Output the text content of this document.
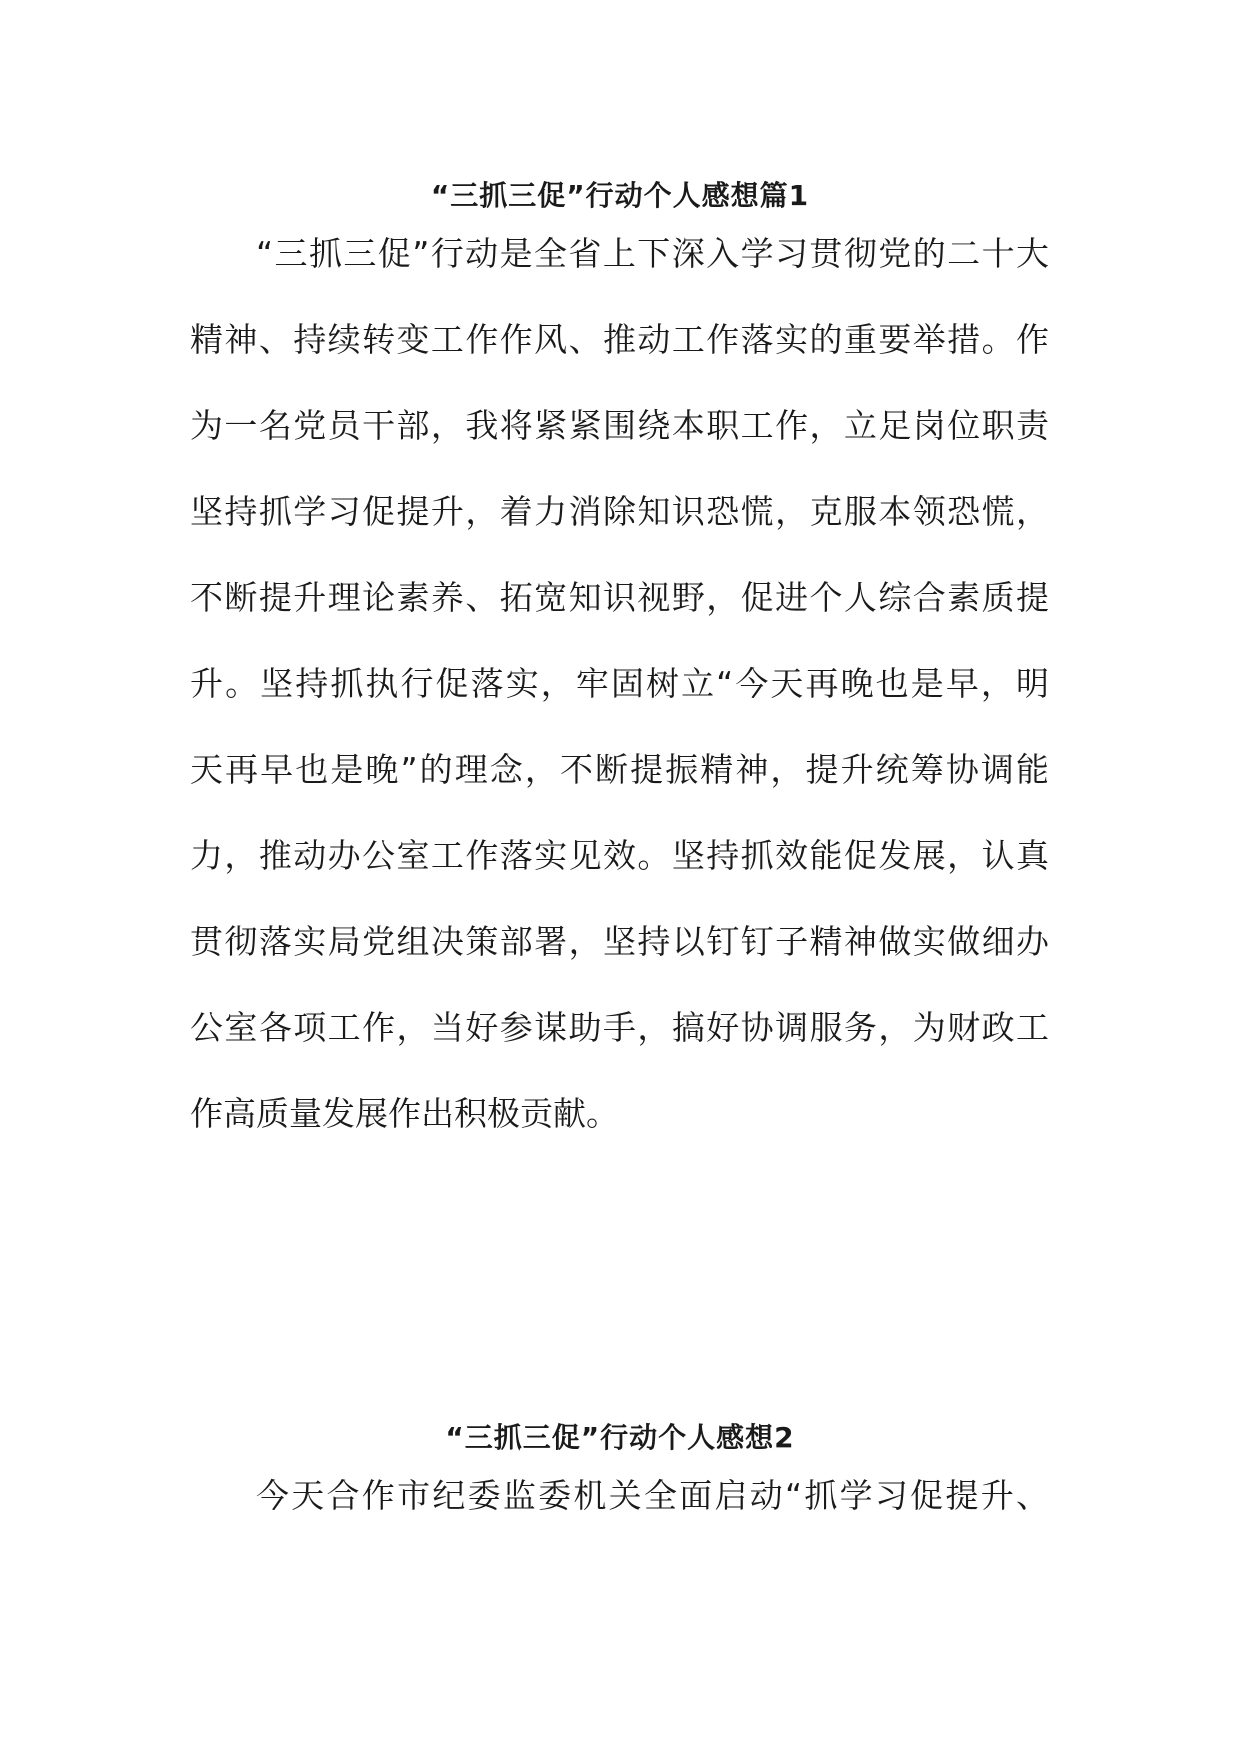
“三抓三促”行动个人感想篇1
“三抓三促”行动是全省上下深入学习贯彻党的二十大
精神、持续转变工作作风、推动工作落实的重要举措。作
为一名党员干部，我将紧紧围绕本职工作，立足岗位职责
坚持抓学习促提升，着力消除知识恐慌，克服本领恐慌，
不断提升理论素养、拓宽知识视野，促进个人综合素质提
升。坚持抓执行促落实，牢固树立“今天再晚也是早，明
天再早也是晚”的理念，不断提振精神，提升统筹协调能
力，推动办公室工作落实见效。坚持抓效能促发展，认真
贯彻落实局党组决策部署，坚持以钉钉子精神做实做细办
公室各项工作，当好参谋助手，搞好协调服务，为财政工
作高质量发展作出积极贡献。
“三抓三促”行动个人感想2
今天合作市纪委监委机关全面启动“抓学习促提升、
